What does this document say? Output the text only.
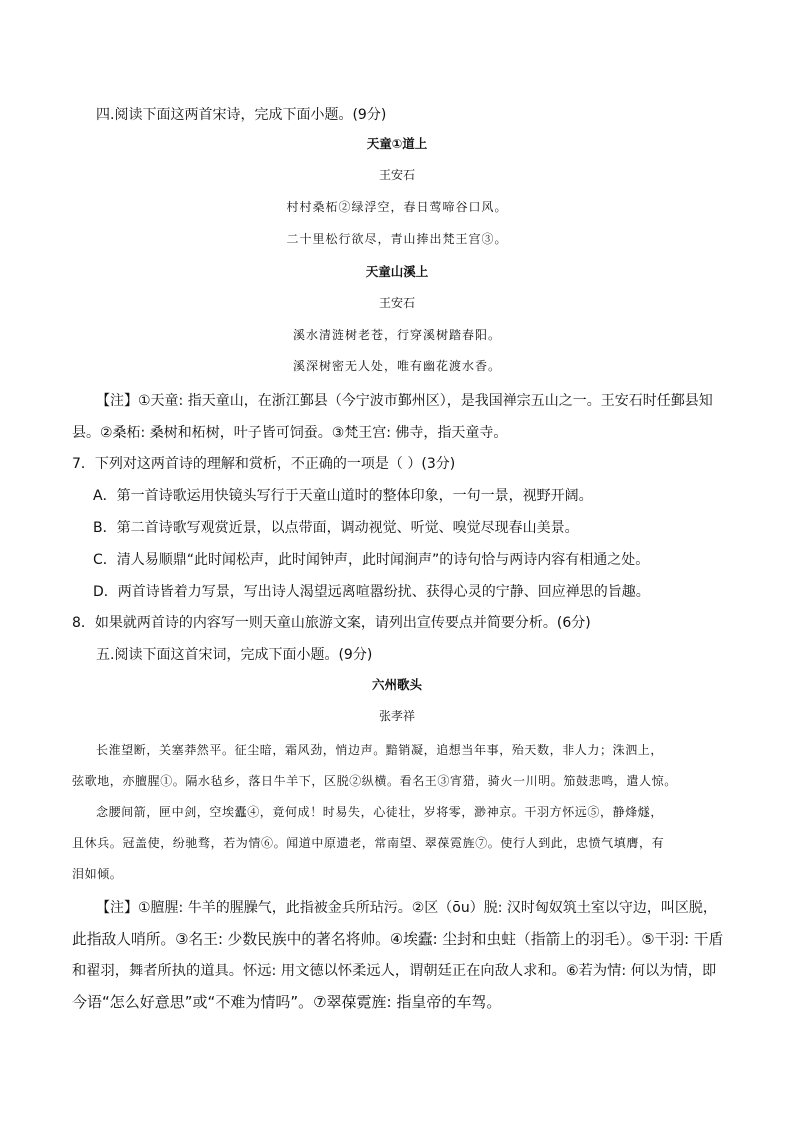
四.阅读下面这两首宋诗，完成下面小题。(9分)
天童①道上
王安石
村村桑柘②绿浮空，春日莺啼谷口风。
二十里松行欲尽，青山捧出梵王宫③。
天童山溪上
王安石
溪水清涟树老苍，行穿溪树踏春阳。
溪深树密无人处，唯有幽花渡水香。
【注】①天童: 指天童山，在浙江鄞县（今宁波市鄞州区），是我国禅宗五山之一。王安石时任鄞县知
县。②桑柘: 桑树和柘树，叶子皆可饲蚕。③梵王宫: 佛寺，指天童寺。
7．下列对这两首诗的理解和赏析，不正确的一项是（ ）(3分)
A．第一首诗歌运用快镜头写行于天童山道时的整体印象，一句一景，视野开阔。
B．第二首诗歌写观赏近景，以点带面，调动视觉、听觉、嗅觉尽现春山美景。
C．清人易顺鼎“此时闻松声，此时闻钟声，此时闻涧声”的诗句恰与两诗内容有相通之处。
D．两首诗皆着力写景，写出诗人渴望远离喧嚣纷扰、获得心灵的宁静、回应禅思的旨趣。
8．如果就两首诗的内容写一则天童山旅游文案，请列出宣传要点并简要分析。(6分)
五.阅读下面这首宋词，完成下面小题。(9分)
六州歌头
张孝祥
长淮望断，关塞莽然平。征尘暗，霜风劲，悄边声。黯销凝，追想当年事，殆天数，非人力；洙泗上，
弦歌地，亦膻腥①。隔水毡乡，落日牛羊下，区脱②纵横。看名王③宵猎，骑火一川明。笳鼓悲鸣，遣人惊。
念腰间箭，匣中剑，空埃蠹④，竟何成！时易失，心徒壮，岁将零，渺神京。干羽方怀远⑤，静烽燧，
且休兵。冠盖使，纷驰骛，若为情⑥。闻道中原遗老，常南望、翠葆霓旌⑦。使行人到此，忠愤气填膺，有
泪如倾。
【注】①膻腥: 牛羊的腥臊气，此指被金兵所玷污。②区（ōu）脱: 汉时匈奴筑土室以守边，叫区脱，
此指敌人哨所。③名王: 少数民族中的著名将帅。④埃蠹: 尘封和虫蛀（指箭上的羽毛）。⑤干羽: 干盾
和翟羽，舞者所执的道具。怀远: 用文德以怀柔远人，谓朝廷正在向敌人求和。⑥若为情: 何以为情，即
今语“怎么好意思”或“不难为情吗”。⑦翠葆霓旌: 指皇帝的车驾。
